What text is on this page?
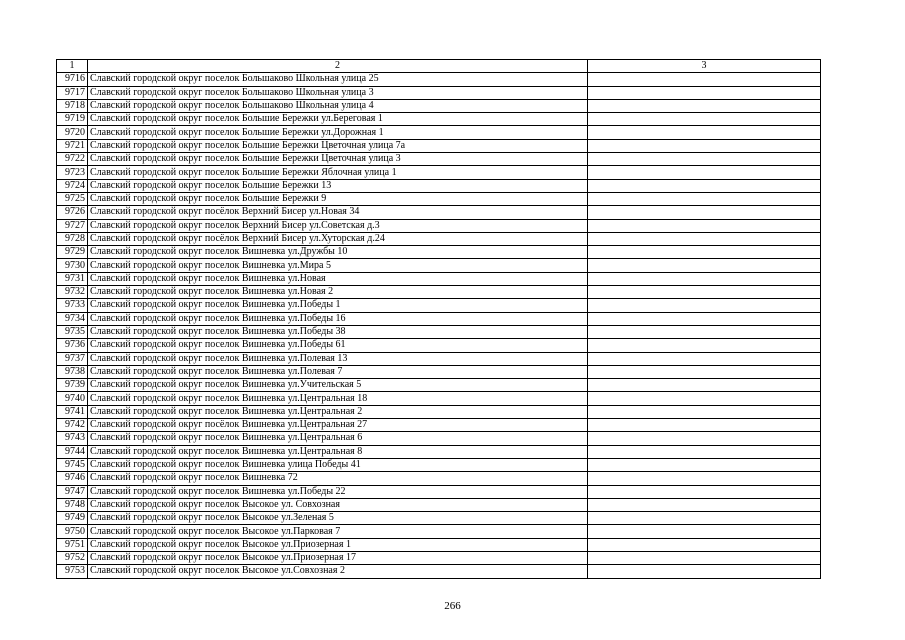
1	2	3
9716	Славский городской округ поселок Большаково Школьная улица 25	
9717	Славский городской округ поселок Большаково Школьная улица 3	
9718	Славский городской округ поселок Большаково Школьная улица 4	
9719	Славский городской округ поселок Большие Бережки ул.Береговая 1	
9720	Славский городской округ поселок Большие Бережки ул.Дорожная 1	
9721	Славский городской округ поселок Большие Бережки Цветочная улица 7а	
9722	Славский городской округ поселок Большие Бережки Цветочная улица 3	
9723	Славский городской округ поселок Большие Бережки Яблочная улица 1	
9724	Славский городской округ поселок Большие Бережки 13	
9725	Славский городской округ поселок Большие Бережки 9	
9726	Славский городской округ посёлок Верхний Бисер ул.Новая 34	
9727	Славский городской округ поселок Верхний Бисер ул.Советская д.3	
9728	Славский городской округ посёлок Верхний Бисер ул.Хуторская д.24	
9729	Славский городской округ поселок Вишневка ул.Дружбы 10	
9730	Славский городской округ поселок Вишневка ул.Мира 5	
9731	Славский городской округ поселок Вишневка ул.Новая	
9732	Славский городской округ поселок Вишневка ул.Новая 2	
9733	Славский городской округ поселок Вишневка ул.Победы 1	
9734	Славский городской округ поселок Вишневка ул.Победы 16	
9735	Славский городской округ поселок Вишневка ул.Победы 38	
9736	Славский городской округ поселок Вишневка ул.Победы 61	
9737	Славский городской округ поселок Вишневка ул.Полевая 13	
9738	Славский городской округ поселок Вишневка ул.Полевая 7	
9739	Славский городской округ поселок Вишневка ул.Учительская 5	
9740	Славский городской округ поселок Вишневка ул.Центральная 18	
9741	Славский городской округ поселок Вишневка ул.Центральная 2	
9742	Славский городской округ посёлок Вишневка ул.Центральная 27	
9743	Славский городской округ поселок Вишневка ул.Центральная 6	
9744	Славский городской округ поселок Вишневка ул.Центральная 8	
9745	Славский городской округ поселок Вишневка улица Победы 41	
9746	Славский городской округ поселок Вишневка 72	
9747	Славский городской округ поселок Вишневка ул.Победы 22	
9748	Славский городской округ поселок Высокое ул. Совхозная	
9749	Славский городской округ поселок Высокое ул.Зеленая 5	
9750	Славский городской округ поселок Высокое ул.Парковая 7	
9751	Славский городской округ поселок Высокое ул.Приозерная 1	
9752	Славский городской округ поселок Высокое ул.Приозерная 17	
9753	Славский городской округ поселок Высокое ул.Совхозная 2	
266
